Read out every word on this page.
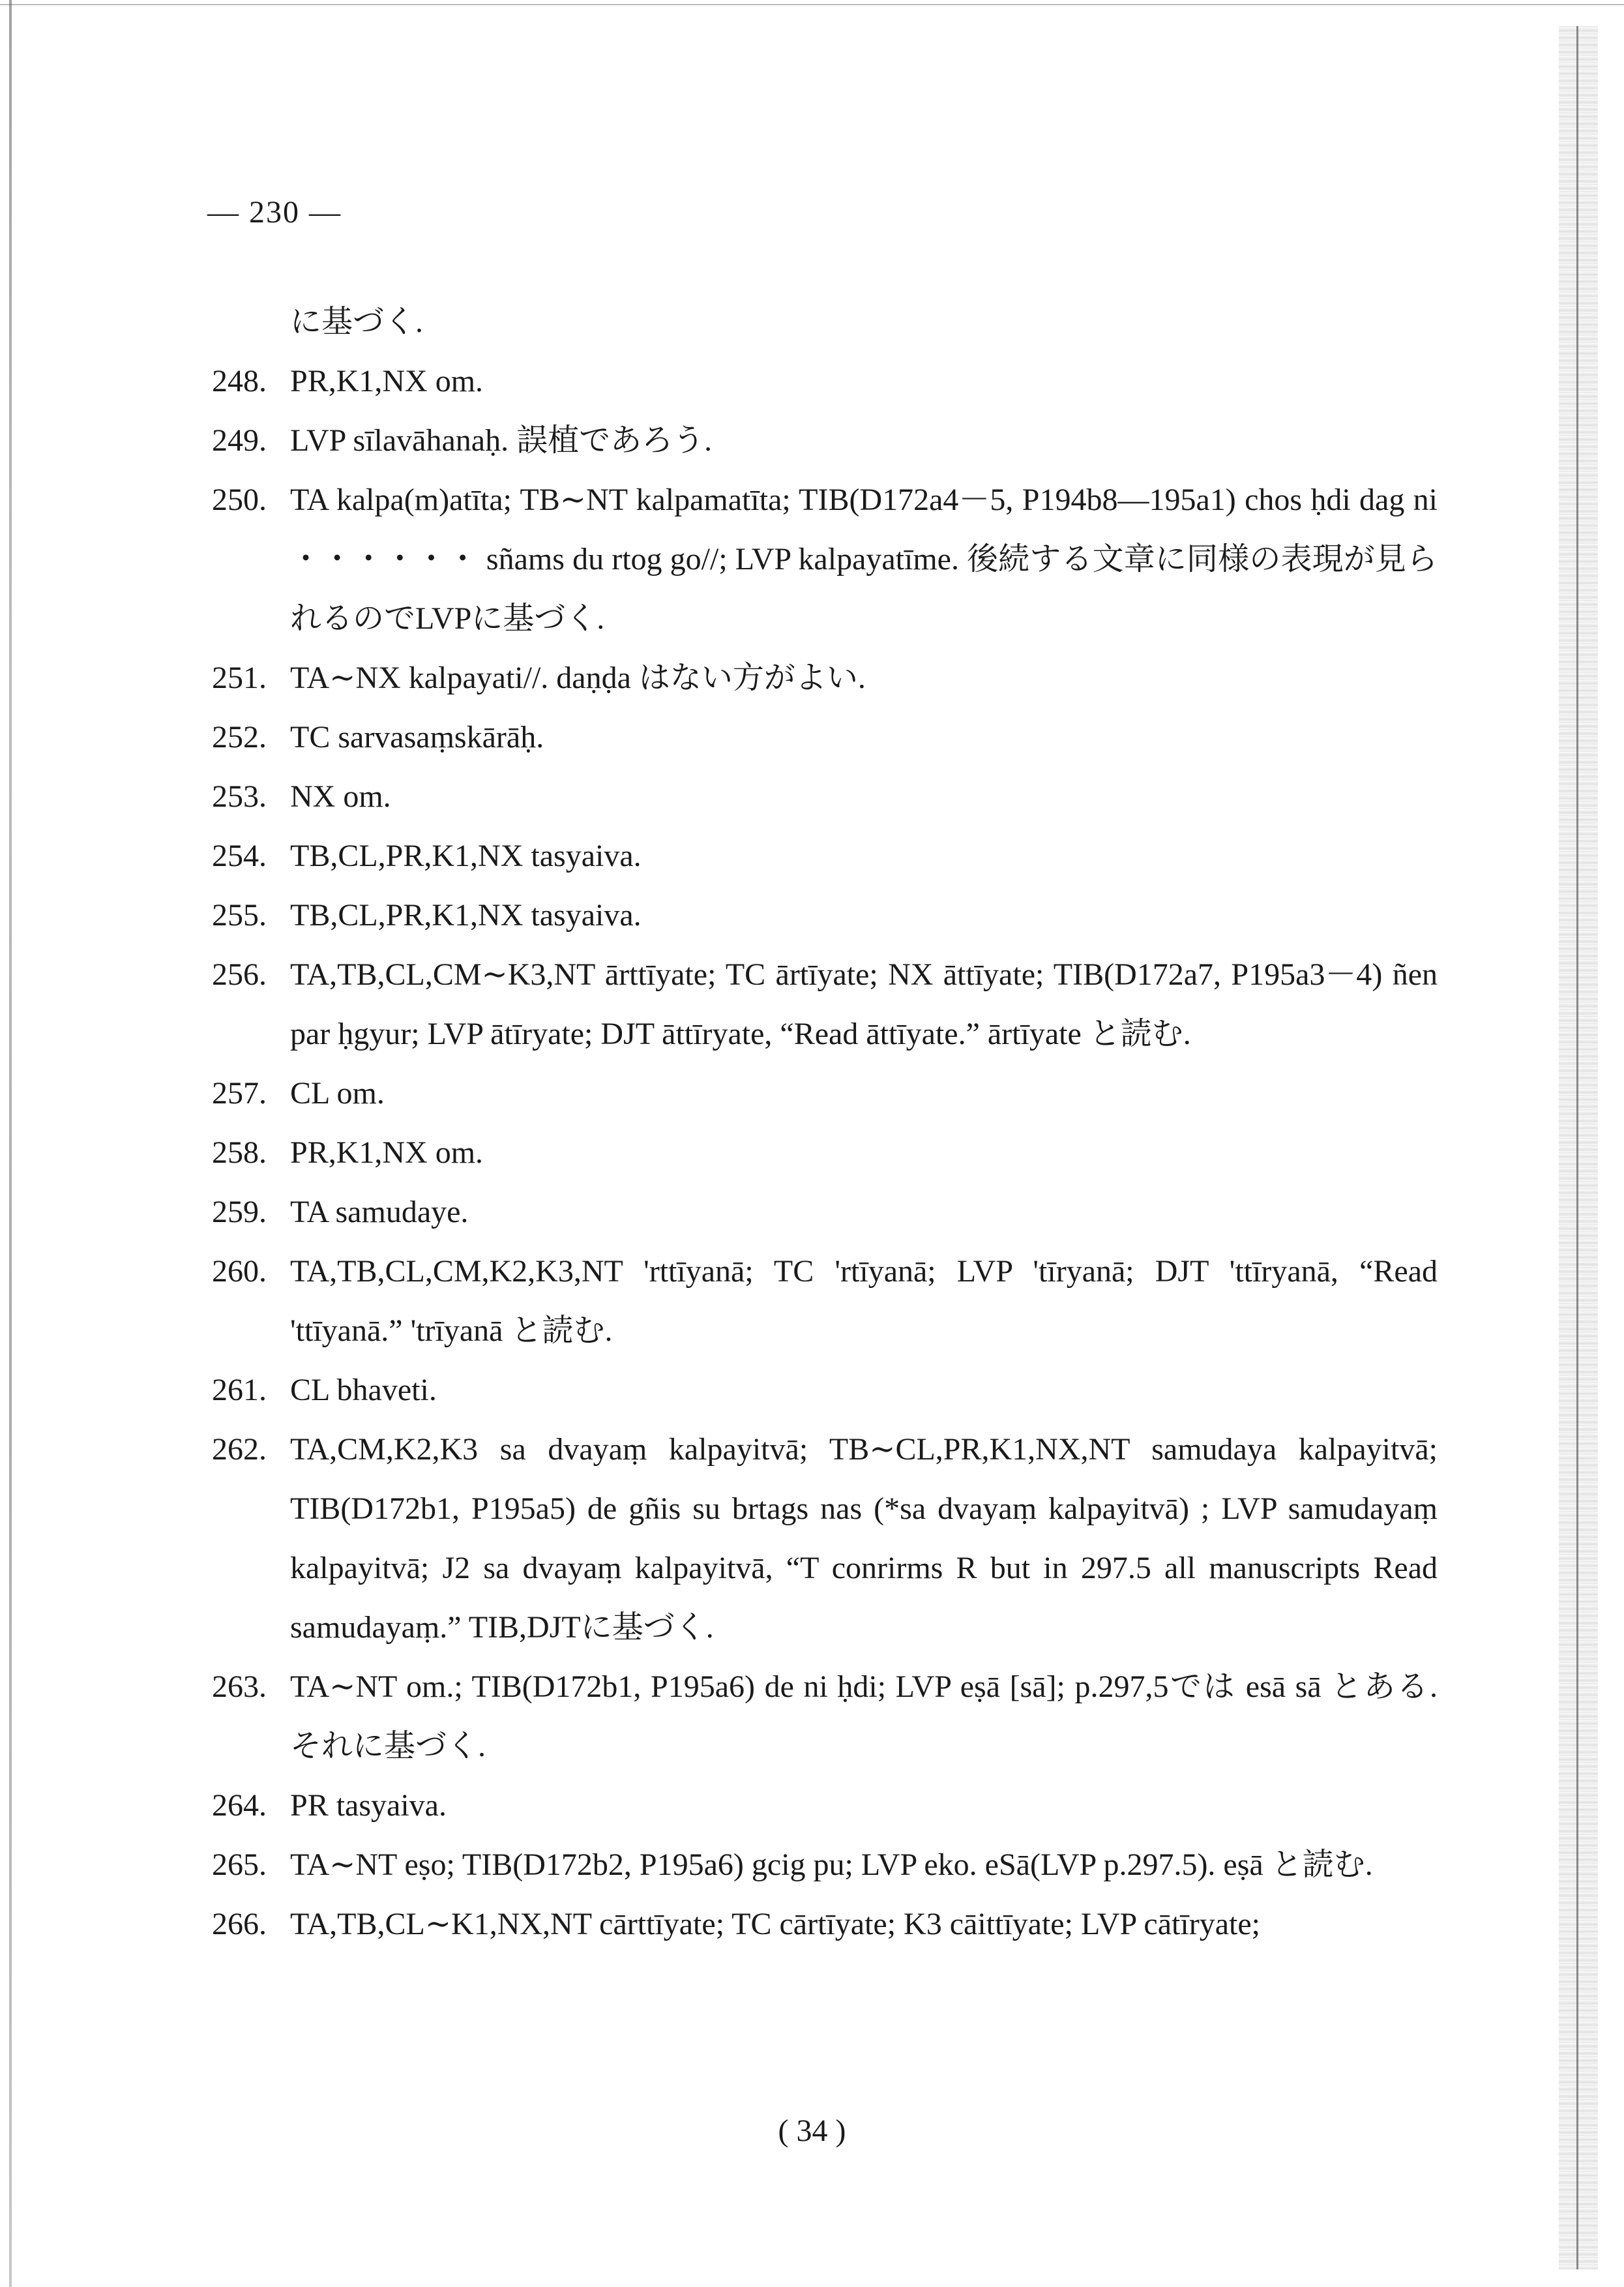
— 230 —

に基づく.

248. PR,K1,NX om.

249. LVP sīlavāhanaḥ. 誤植であろう.

250. TA kalpa(m)atīta; TB∼NT kalpamatīta; TIB(D172a4－5, P194b8—195a1) chos ḥdi dag ni ・・・・・・ sñams du rtog go//; LVP kalpayatīme. 後続する文章に同様の表現が見られるのでLVPに基づく.

251. TA∼NX kalpayati//. daṇḍa はない方がよい.

252. TC sarvasaṃskārāḥ.

253. NX om.

254. TB,CL,PR,K1,NX tasyaiva.

255. TB,CL,PR,K1,NX tasyaiva.

256. TA,TB,CL,CM∼K3,NT ārttīyate; TC ārtīyate; NX āttīyate; TIB(D172a7, P195a3－4) ñen par ḥgyur; LVP ātīryate; DJT āttīryate, “Read āttīyate.” ārtīyate と読む.

257. CL om.

258. PR,K1,NX om.

259. TA samudaye.

260. TA,TB,CL,CM,K2,K3,NT 'rttīyanā; TC 'rtīyanā; LVP 'tīryanā; DJT 'ttīryanā, “Read 'ttīyanā.” 'trīyanā と読む.

261. CL bhaveti.

262. TA,CM,K2,K3 sa dvayaṃ kalpayitvā; TB∼CL,PR,K1,NX,NT samudaya kalpayitvā; TIB(D172b1, P195a5) de gñis su brtags nas (*sa dvayaṃ kalpayitvā) ; LVP samudayaṃ kalpayitvā; J2 sa dvayaṃ kalpayitvā, “T conrirms R but in 297.5 all manuscripts Read samudayaṃ.” TIB,DJTに基づく.

263. TA∼NT om.; TIB(D172b1, P195a6) de ni ḥdi; LVP eṣā [sā]; p.297,5では esā sā とある. それに基づく.

264. PR tasyaiva.

265. TA∼NT eṣo; TIB(D172b2, P195a6) gcig pu; LVP eko. eSā(LVP p.297.5). eṣā と読む.

266. TA,TB,CL∼K1,NX,NT cārttīyate; TC cārtīyate; K3 cāittīyate; LVP cātīryate;

( 34 )
